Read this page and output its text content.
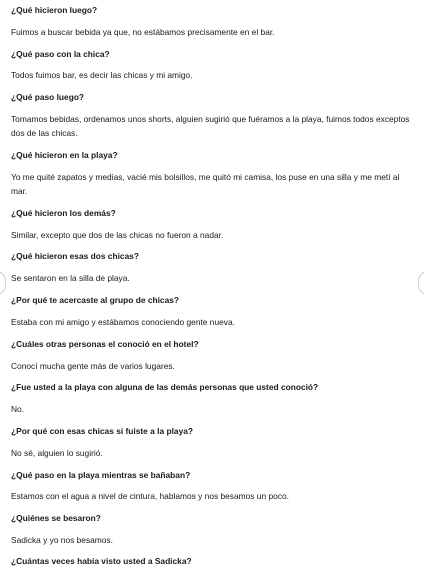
¿Qué hicieron luego?

Fuimos a buscar bebida ya que, no estábamos precisamente en el bar.

¿Qué paso con la chica?

Todos fuimos bar, es decir las chicas y mi amigo.

¿Qué paso luego?

Tomamos bebidas, ordenamos unos shorts, alguien sugirió que fuéramos a la playa, fuimos todos exceptos dos de las chicas.

¿Qué hicieron en la playa?

Yo me quité zapatos y medias, vacié mis bolsillos, me quitó mi camisa, los puse en una silla y me metí al mar.

¿Qué hicieron los demás?

Similar, excepto que dos de las chicas no fueron a nadar.

¿Qué hicieron esas dos chicas?

Se sentaron en la silla de playa.

¿Por qué te acercaste al grupo de chicas?

Estaba con mi amigo y estábamos conociendo gente nueva.

¿Cuáles otras personas el conoció en el hotel?

Conocí mucha gente más de varios lugares.

¿Fue usted a la playa con alguna de las demás personas que usted conoció?

No.

¿Por qué con esas chicas si fuiste a la playa?

No sé, alguien lo sugirió.

¿Qué paso en la playa mientras se bañaban?

Estamos con el agua a nivel de cintura, hablamos y nos besamos un poco.

¿Quiénes se besaron?

Sadicka y yo nos besamos.

¿Cuántas veces había visto usted a Sadicka?
